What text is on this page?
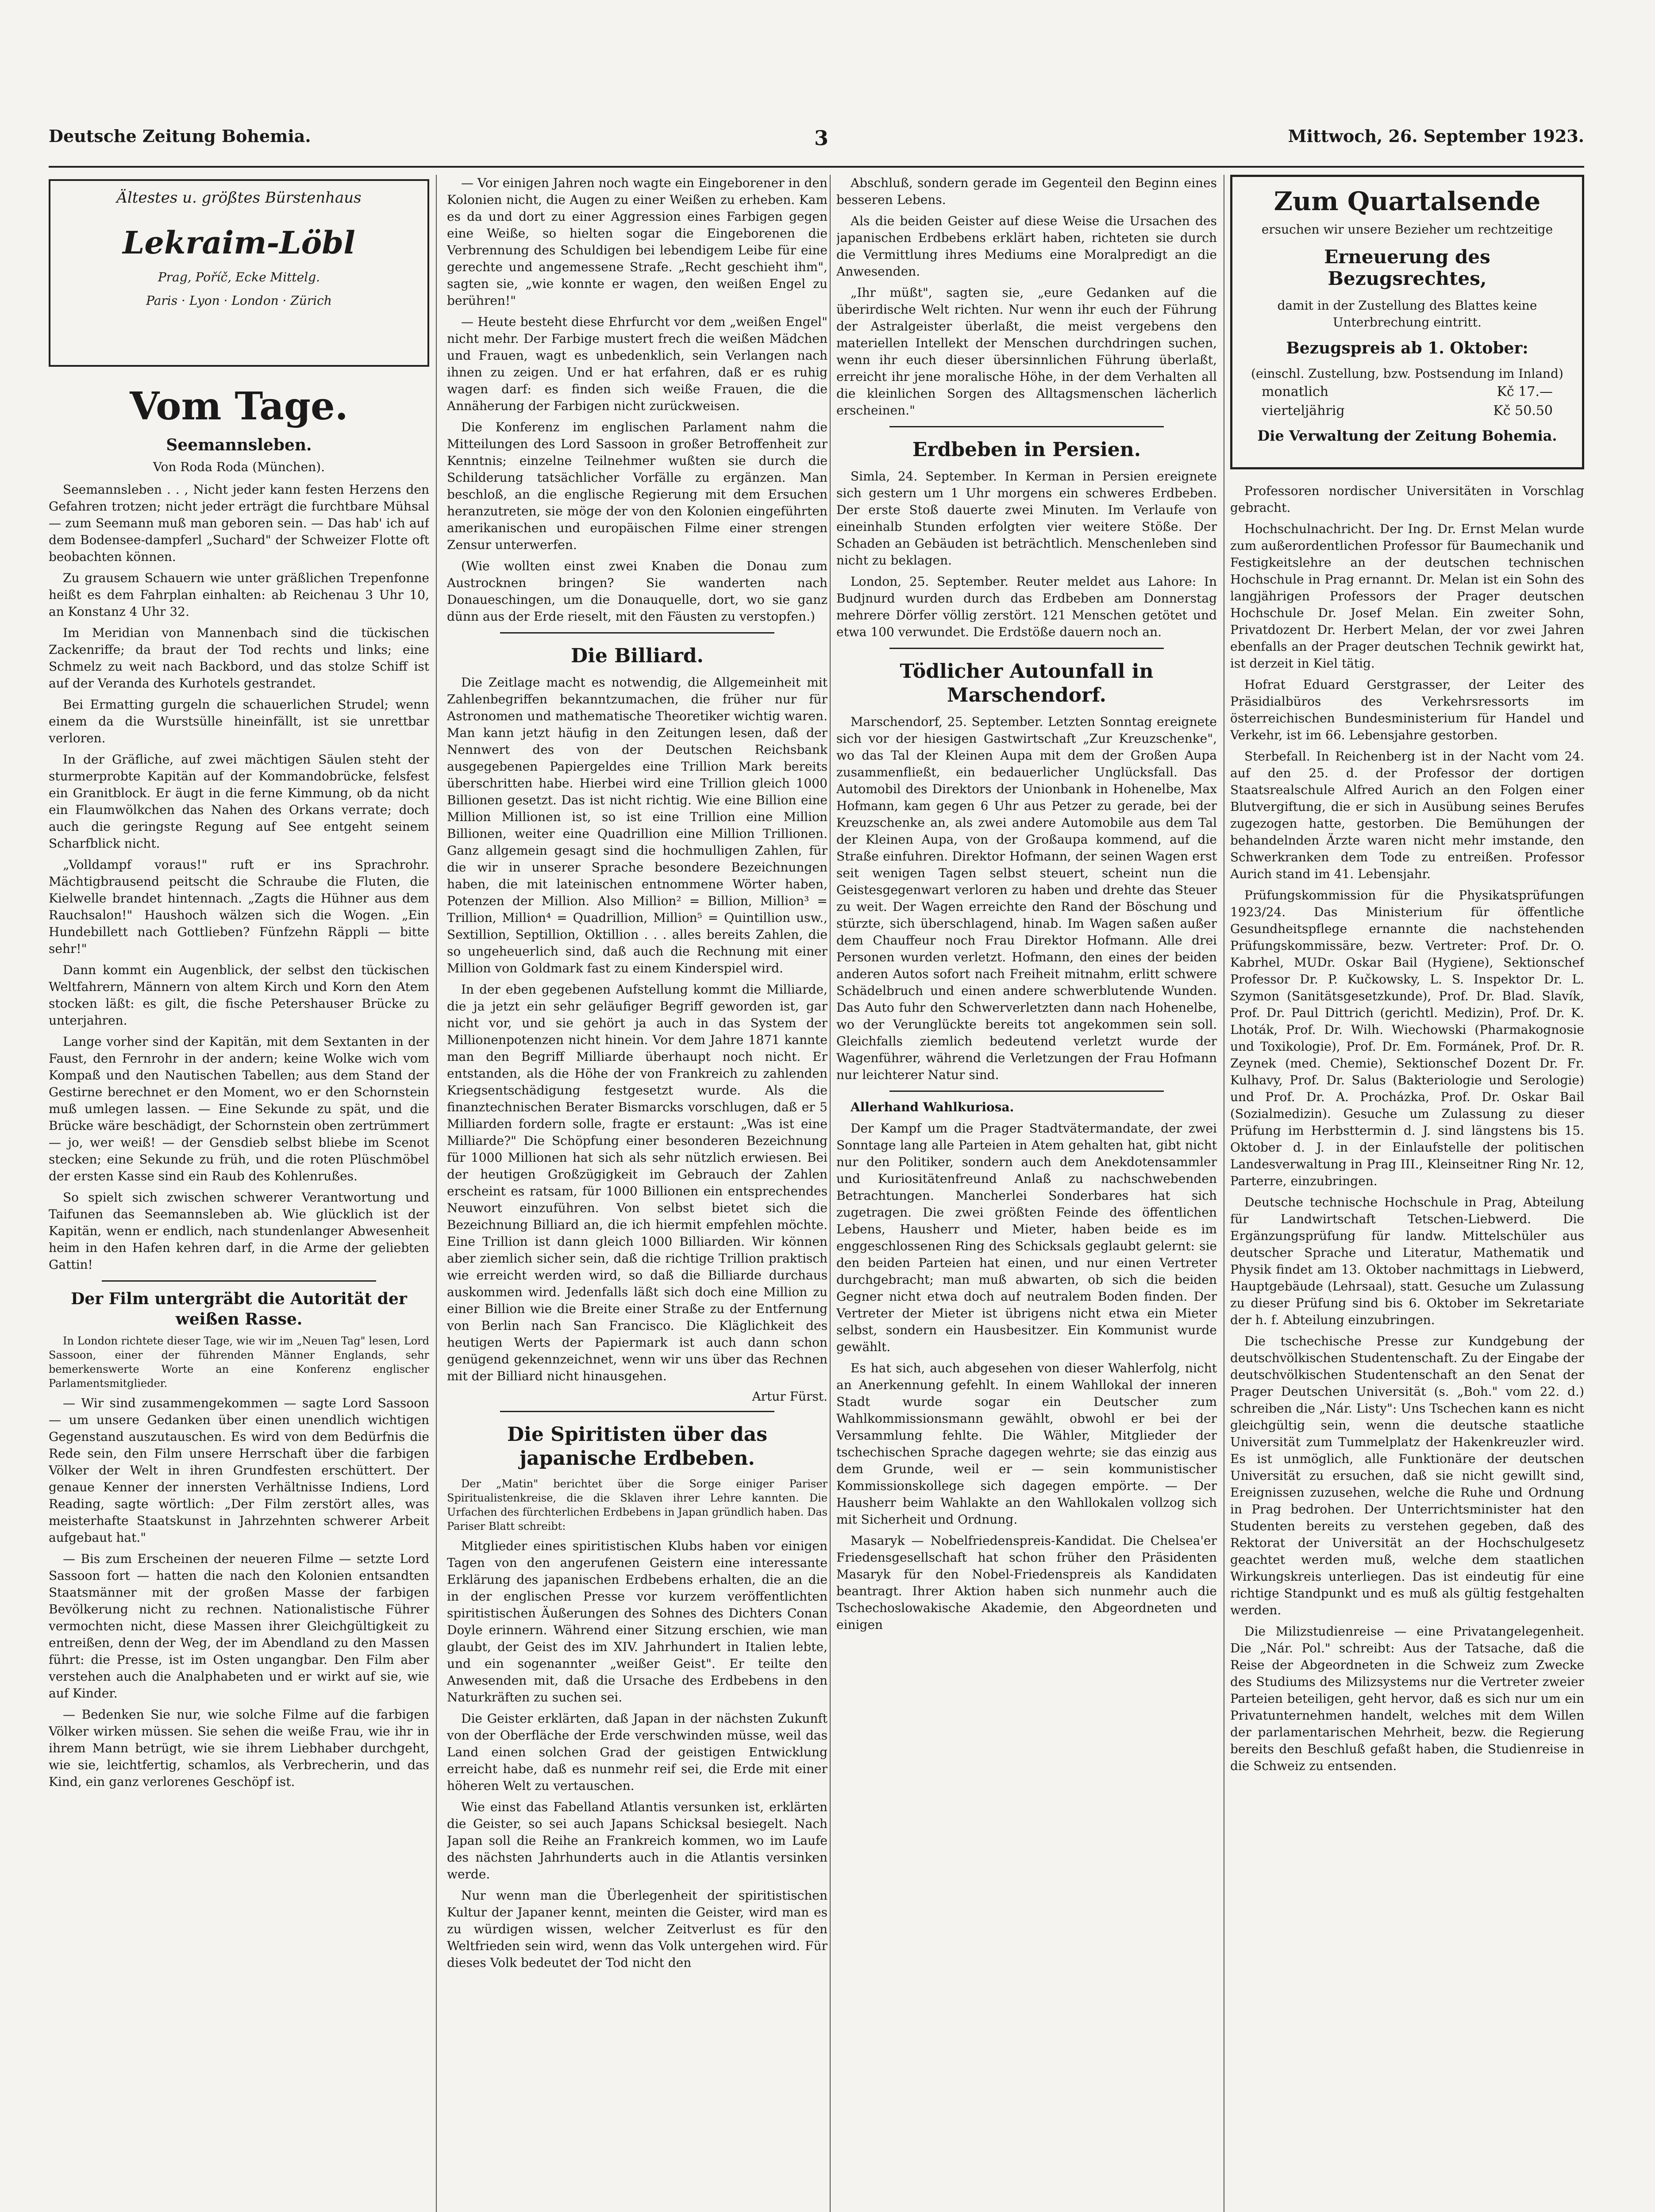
Deutsche Zeitung Bohemia.	3	Mittwoch, 26. September 1923.
Ältestes u. größtes Bürstenhaus
Lekraim-Löbl
Prag, Poříč, Ecke Mittelg.
Paris · Lyon · London · Zürich
Vom Tage.
Seemannsleben.

Von Roda Roda (München).

Seemannsleben . . , Nicht jeder kann festen Herzens den Gefahren trotzen; nicht jeder erträgt die furchtbare Mühsal — zum Seemann muß man geboren sein. — Das hab' ich auf dem Bodensee-dampferl „Suchard" der Schweizer Flotte oft beobachten können.

Zu grausem Schauern wie unter gräßlichen Trepenfonne heißt es dem Fahrplan einhalten: ab Reichenau 3 Uhr 10, an Konstanz 4 Uhr 32.

Im Meridian von Mannenbach sind die tückischen Zackenriffe; da braut der Tod rechts und links; eine Schmelz zu weit nach Backbord, und das stolze Schiff ist auf der Veranda des Kurhotels gestrandet.

Bei Ermatting gurgeln die schauerlichen Strudel; wenn einem da die Wurstsülle hineinfällt, ist sie unrettbar verloren.

In der Gräfliche, auf zwei mächtigen Säulen steht der sturmerprobte Kapitän auf der Kommandobrücke, felsfest ein Granitblock. Er äugt in die ferne Kimmung, ob da nicht ein Flaumwölkchen das Nahen des Orkans verrate; doch auch die geringste Regung auf See entgeht seinem Scharfblick nicht.

„Volldampf voraus!" ruft er ins Sprachrohr. Mächtigbrausend peitscht die Schraube die Fluten, die Kielwelle brandet hintennach. „Zagts die Hühner aus dem Rauchsalon!" Haushoch wälzen sich die Wogen. „Ein Hundebillett nach Gottlieben? Fünfzehn Räppli — bitte sehr!"

Dann kommt ein Augenblick, der selbst den tückischen Weltfahrern, Männern von altem Kirch und Korn den Atem stocken läßt: es gilt, die fische Petershauser Brücke zu unterjahren.

Lange vorher sind der Kapitän, mit dem Sextanten in der Faust, den Fernrohr in der andern; keine Wolke wich vom Kompaß und den Nautischen Tabellen; aus dem Stand der Gestirne berechnet er den Moment, wo er den Schornstein muß umlegen lassen. — Eine Sekunde zu spät, und die Brücke wäre beschädigt, der Schornstein oben zertrümmert — jo, wer weiß! — der Gensdieb selbst bliebe im Scenot stecken; eine Sekunde zu früh, und die roten Plüschmöbel der ersten Kasse sind ein Raub des Kohlenrußes.

So spielt sich zwischen schwerer Verantwortung und Taifunen das Seemannsleben ab. Wie glücklich ist der Kapitän, wenn er endlich, nach stundenlanger Abwesenheit heim in den Hafen kehren darf, in die Arme der geliebten Gattin!

Der Film untergräbt die Autorität der weißen Rasse.

In London richtete dieser Tage, wie wir im „Neuen Tag" lesen, Lord Sassoon, einer der führenden Männer Englands, sehr bemerkenswerte Worte an eine Konferenz englischer Parlamentsmitglieder.

— Wir sind zusammengekommen — sagte Lord Sassoon — um unsere Gedanken über einen unendlich wichtigen Gegenstand auszutauschen. Es wird von dem Bedürfnis die Rede sein, den Film unsere Herrschaft über die farbigen Völker der Welt in ihren Grundfesten erschüttert. Der genaue Kenner der innersten Verhältnisse Indiens, Lord Reading, sagte wörtlich: „Der Film zerstört alles, was meisterhafte Staatskunst in Jahrzehnten schwerer Arbeit aufgebaut hat."

— Bis zum Erscheinen der neueren Filme — setzte Lord Sassoon fort — hatten die nach den Kolonien entsandten Staatsmänner mit der großen Masse der farbigen Bevölkerung nicht zu rechnen. Nationalistische Führer vermochten nicht, diese Massen ihrer Gleichgültigkeit zu entreißen, denn der Weg, der im Abendland zu den Massen führt: die Presse, ist im Osten ungangbar. Den Film aber verstehen auch die Analphabeten und er wirkt auf sie, wie auf Kinder.

— Bedenken Sie nur, wie solche Filme auf die farbigen Völker wirken müssen. Sie sehen die weiße Frau, wie ihr in ihrem Mann betrügt, wie sie ihrem Liebhaber durchgeht, wie sie, leichtfertig, schamlos, als Verbrecherin, und das Kind, ein ganz verlorenes Geschöpf ist.

— Vor einigen Jahren noch wagte ein Eingeborener in den Kolonien nicht, die Augen zu einer Weißen zu erheben. Kam es da und dort zu einer Aggression eines Farbigen gegen eine Weiße, so hielten sogar die Eingeborenen die Verbrennung des Schuldigen bei lebendigem Leibe für eine gerechte und angemessene Strafe. „Recht geschieht ihm", sagten sie, „wie konnte er wagen, den weißen Engel zu berühren!"

— Heute besteht diese Ehrfurcht vor dem „weißen Engel" nicht mehr. Der Farbige mustert frech die weißen Mädchen und Frauen, wagt es unbedenklich, sein Verlangen nach ihnen zu zeigen. Und er hat erfahren, daß er es ruhig wagen darf: es finden sich weiße Frauen, die die Annäherung der Farbigen nicht zurückweisen.

Die Konferenz im englischen Parlament nahm die Mitteilungen des Lord Sassoon in großer Betroffenheit zur Kenntnis; einzelne Teilnehmer wußten sie durch die Schilderung tatsächlicher Vorfälle zu ergänzen. Man beschloß, an die englische Regierung mit dem Ersuchen heranzutreten, sie möge der von den Kolonien eingeführten amerikanischen und europäischen Filme einer strengen Zensur unterwerfen.

(Wie wollten einst zwei Knaben die Donau zum Austrocknen bringen? Sie wanderten nach Donaueschingen, um die Donauquelle, dort, wo sie ganz dünn aus der Erde rieselt, mit den Fäusten zu verstopfen.)

Die Billiard.

Die Zeitlage macht es notwendig, die Allgemeinheit mit Zahlenbegriffen bekanntzumachen, die früher nur für Astronomen und mathematische Theoretiker wichtig waren. Man kann jetzt häufig in den Zeitungen lesen, daß der Nennwert des von der Deutschen Reichsbank ausgegebenen Papiergeldes eine Trillion Mark bereits überschritten habe. Hierbei wird eine Trillion gleich 1000 Billionen gesetzt. Das ist nicht richtig. Wie eine Billion eine Million Millionen ist, so ist eine Trillion eine Million Billionen, weiter eine Quadrillion eine Million Trillionen. Ganz allgemein gesagt sind die hochmulligen Zahlen, für die wir in unserer Sprache besondere Bezeichnungen haben, die mit lateinischen entnommene Wörter haben, Potenzen der Million. Also Million² = Billion, Million³ = Trillion, Million⁴ = Quadrillion, Million⁵ = Quintillion usw., Sextillion, Septillion, Oktillion . . . alles bereits Zahlen, die so ungeheuerlich sind, daß auch die Rechnung mit einer Million von Goldmark fast zu einem Kinderspiel wird.

In der eben gegebenen Aufstellung kommt die Milliarde, die ja jetzt ein sehr geläufiger Begriff geworden ist, gar nicht vor, und sie gehört ja auch in das System der Millionenpotenzen nicht hinein. Vor dem Jahre 1871 kannte man den Begriff Milliarde überhaupt noch nicht. Er entstanden, als die Höhe der von Frankreich zu zahlenden Kriegsentschädigung festgesetzt wurde. Als die finanztechnischen Berater Bismarcks vorschlugen, daß er 5 Milliarden fordern solle, fragte er erstaunt: „Was ist eine Milliarde?" Die Schöpfung einer besonderen Bezeichnung für 1000 Millionen hat sich als sehr nützlich erwiesen. Bei der heutigen Großzügigkeit im Gebrauch der Zahlen erscheint es ratsam, für 1000 Billionen ein entsprechendes Neuwort einzuführen. Von selbst bietet sich die Bezeichnung Billiard an, die ich hiermit empfehlen möchte. Eine Trillion ist dann gleich 1000 Billiarden. Wir können aber ziemlich sicher sein, daß die richtige Trillion praktisch wie erreicht werden wird, so daß die Billiarde durchaus auskommen wird. Jedenfalls läßt sich doch eine Million zu einer Billion wie die Breite einer Straße zu der Entfernung von Berlin nach San Francisco. Die Kläglichkeit des heutigen Werts der Papiermark ist auch dann schon genügend gekennzeichnet, wenn wir uns über das Rechnen mit der Billiard nicht hinausgehen.

Artur Fürst.

Die Spiritisten über das japanische Erdbeben.

Der „Matin" berichtet über die Sorge einiger Pariser Spiritualistenkreise, die die Sklaven ihrer Lehre kannten. Die Urfachen des fürchterlichen Erdbebens in Japan gründlich haben. Das Pariser Blatt schreibt:

Mitglieder eines spiritistischen Klubs haben vor einigen Tagen von den angerufenen Geistern eine interessante Erklärung des japanischen Erdbebens erhalten, die an die in der englischen Presse vor kurzem veröffentlichten spiritistischen Äußerungen des Sohnes des Dichters Conan Doyle erinnern. Während einer Sitzung erschien, wie man glaubt, der Geist des im XIV. Jahrhundert in Italien lebte, und ein sogenannter „weißer Geist". Er teilte den Anwesenden mit, daß die Ursache des Erdbebens in den Naturkräften zu suchen sei.

Die Geister erklärten, daß Japan in der nächsten Zukunft von der Oberfläche der Erde verschwinden müsse, weil das Land einen solchen Grad der geistigen Entwicklung erreicht habe, daß es nunmehr reif sei, die Erde mit einer höheren Welt zu vertauschen.

Wie einst das Fabelland Atlantis versunken ist, erklärten die Geister, so sei auch Japans Schicksal besiegelt. Nach Japan soll die Reihe an Frankreich kommen, wo im Laufe des nächsten Jahrhunderts auch in die Atlantis versinken werde.

Nur wenn man die Überlegenheit der spiritistischen Kultur der Japaner kennt, meinten die Geister, wird man es zu würdigen wissen, welcher Zeitverlust es für den Weltfrieden sein wird, wenn das Volk untergehen wird. Für dieses Volk bedeutet der Tod nicht den

Abschluß, sondern gerade im Gegenteil den Beginn eines besseren Lebens.

Als die beiden Geister auf diese Weise die Ursachen des japanischen Erdbebens erklärt haben, richteten sie durch die Vermittlung ihres Mediums eine Moralpredigt an die Anwesenden.

„Ihr müßt", sagten sie, „eure Gedanken auf die überirdische Welt richten. Nur wenn ihr euch der Führung der Astralgeister überlaßt, die meist vergebens den materiellen Intellekt der Menschen durchdringen suchen, wenn ihr euch dieser übersinnlichen Führung überlaßt, erreicht ihr jene moralische Höhe, in der dem Verhalten all die kleinlichen Sorgen des Alltagsmenschen lächerlich erscheinen."

Erdbeben in Persien.

Simla, 24. September. In Kerman in Persien ereignete sich gestern um 1 Uhr morgens ein schweres Erdbeben. Der erste Stoß dauerte zwei Minuten. Im Verlaufe von eineinhalb Stunden erfolgten vier weitere Stöße. Der Schaden an Gebäuden ist beträchtlich. Menschenleben sind nicht zu beklagen.

London, 25. September. Reuter meldet aus Lahore: In Budjnurd wurden durch das Erdbeben am Donnerstag mehrere Dörfer völlig zerstört. 121 Menschen getötet und etwa 100 verwundet. Die Erdstöße dauern noch an.

Tödlicher Autounfall in Marschendorf.

Marschendorf, 25. September. Letzten Sonntag ereignete sich vor der hiesigen Gastwirtschaft „Zur Kreuzschenke", wo das Tal der Kleinen Aupa mit dem der Großen Aupa zusammenfließt, ein bedauerlicher Unglücksfall. Das Automobil des Direktors der Unionbank in Hohenelbe, Max Hofmann, kam gegen 6 Uhr aus Petzer zu gerade, bei der Kreuzschenke an, als zwei andere Automobile aus dem Tal der Kleinen Aupa, von der Großaupa kommend, auf die Straße einfuhren. Direktor Hofmann, der seinen Wagen erst seit wenigen Tagen selbst steuert, scheint nun die Geistesgegenwart verloren zu haben und drehte das Steuer zu weit. Der Wagen erreichte den Rand der Böschung und stürzte, sich überschlagend, hinab. Im Wagen saßen außer dem Chauffeur noch Frau Direktor Hofmann. Alle drei Personen wurden verletzt. Hofmann, den eines der beiden anderen Autos sofort nach Freiheit mitnahm, erlitt schwere Schädelbruch und einen andere schwerblutende Wunden. Das Auto fuhr den Schwerverletzten dann nach Hohenelbe, wo der Verunglückte bereits tot angekommen sein soll. Gleichfalls ziemlich bedeutend verletzt wurde der Wagenführer, während die Verletzungen der Frau Hofmann nur leichterer Natur sind.

Allerhand Wahlkuriosa.

Der Kampf um die Prager Stadtvätermandate, der zwei Sonntage lang alle Parteien in Atem gehalten hat, gibt nicht nur den Politiker, sondern auch dem Anekdotensammler und Kuriositätenfreund Anlaß zu nachschwebenden Betrachtungen. Mancherlei Sonderbares hat sich zugetragen. Die zwei größten Feinde des öffentlichen Lebens, Hausherr und Mieter, haben beide es im enggeschlossenen Ring des Schicksals geglaubt gelernt: sie den beiden Parteien hat einen, und nur einen Vertreter durchgebracht; man muß abwarten, ob sich die beiden Gegner nicht etwa doch auf neutralem Boden finden. Der Vertreter der Mieter ist übrigens nicht etwa ein Mieter selbst, sondern ein Hausbesitzer. Ein Kommunist wurde gewählt.

Es hat sich, auch abgesehen von dieser Wahlerfolg, nicht an Anerkennung gefehlt. In einem Wahllokal der inneren Stadt wurde sogar ein Deutscher zum Wahlkommissionsmann gewählt, obwohl er bei der Versammlung fehlte. Die Wähler, Mitglieder der tschechischen Sprache dagegen wehrte; sie das einzig aus dem Grunde, weil er — sein kommunistischer Kommissionskollege sich dagegen empörte. — Der Hausherr beim Wahlakte an den Wahllokalen vollzog sich mit Sicherheit und Ordnung.

Masaryk — Nobelfriedenspreis-Kandidat. Die Chelsea'er Friedensgesellschaft hat schon früher den Präsidenten Masaryk für den Nobel-Friedenspreis als Kandidaten beantragt. Ihrer Aktion haben sich nunmehr auch die Tschechoslowakische Akademie, den Abgeordneten und einigen

Zum Quartalsende

ersuchen wir unsere Bezieher um rechtzeitige

Erneuerung des Bezugsrechtes,

damit in der Zustellung des Blattes keine Unterbrechung eintritt.

Bezugspreis ab 1. Oktober:

(einschl. Zustellung, bzw. Postsendung im Inland)

monatlich	Kč 17.—
vierteljährig	Kč 50.50

Die Verwaltung der Zeitung Bohemia.

Professoren nordischer Universitäten in Vorschlag gebracht.

Hochschulnachricht. Der Ing. Dr. Ernst Melan wurde zum außerordentlichen Professor für Baumechanik und Festigkeitslehre an der deutschen technischen Hochschule in Prag ernannt. Dr. Melan ist ein Sohn des langjährigen Professors der Prager deutschen Hochschule Dr. Josef Melan. Ein zweiter Sohn, Privatdozent Dr. Herbert Melan, der vor zwei Jahren ebenfalls an der Prager deutschen Technik gewirkt hat, ist derzeit in Kiel tätig.

Hofrat Eduard Gerstgrasser, der Leiter des Präsidialbüros des Verkehrsressorts im österreichischen Bundesministerium für Handel und Verkehr, ist im 66. Lebensjahre gestorben.

Sterbefall. In Reichenberg ist in der Nacht vom 24. auf den 25. d. der Professor der dortigen Staatsrealschule Alfred Aurich an den Folgen einer Blutvergiftung, die er sich in Ausübung seines Berufes zugezogen hatte, gestorben. Die Bemühungen der behandelnden Ärzte waren nicht mehr imstande, den Schwerkranken dem Tode zu entreißen. Professor Aurich stand im 41. Lebensjahr.

Prüfungskommission für die Physikatsprüfungen 1923/24. Das Ministerium für öffentliche Gesundheitspflege ernannte die nachstehenden Prüfungskommissäre, bezw. Vertreter: Prof. Dr. O. Kabrhel, MUDr. Oskar Bail (Hygiene), Sektionschef Professor Dr. P. Kučkowsky, L. S. Inspektor Dr. L. Szymon (Sanitätsgesetzkunde), Prof. Dr. Blad. Slavík, Prof. Dr. Paul Dittrich (gerichtl. Medizin), Prof. Dr. K. Lhoták, Prof. Dr. Wilh. Wiechowski (Pharmakognosie und Toxikologie), Prof. Dr. Em. Formánek, Prof. Dr. R. Zeynek (med. Chemie), Sektionschef Dozent Dr. Fr. Kulhavy, Prof. Dr. Salus (Bakteriologie und Serologie) und Prof. Dr. A. Procházka, Prof. Dr. Oskar Bail (Sozialmedizin). Gesuche um Zulassung zu dieser Prüfung im Herbsttermin d. J. sind längstens bis 15. Oktober d. J. in der Einlaufstelle der politischen Landesverwaltung in Prag III., Kleinseitner Ring Nr. 12, Parterre, einzubringen.

Deutsche technische Hochschule in Prag, Abteilung für Landwirtschaft Tetschen-Liebwerd. Die Ergänzungsprüfung für landw. Mittelschüler aus deutscher Sprache und Literatur, Mathematik und Physik findet am 13. Oktober nachmittags in Liebwerd, Hauptgebäude (Lehrsaal), statt. Gesuche um Zulassung zu dieser Prüfung sind bis 6. Oktober im Sekretariate der h. f. Abteilung einzubringen.

Die tschechische Presse zur Kundgebung der deutschvölkischen Studentenschaft. Zu der Eingabe der deutschvölkischen Studentenschaft an den Senat der Prager Deutschen Universität (s. „Boh." vom 22. d.) schreiben die „Nár. Listy": Uns Tschechen kann es nicht gleichgültig sein, wenn die deutsche staatliche Universität zum Tummelplatz der Hakenkreuzler wird. Es ist unmöglich, alle Funktionäre der deutschen Universität zu ersuchen, daß sie nicht gewillt sind, Ereignissen zuzusehen, welche die Ruhe und Ordnung in Prag bedrohen. Der Unterrichtsminister hat den Studenten bereits zu verstehen gegeben, daß des Rektorat der Universität an der Hochschulgesetz geachtet werden muß, welche dem staatlichen Wirkungskreis unterliegen. Das ist eindeutig für eine richtige Standpunkt und es muß als gültig festgehalten werden.

Die Milizstudienreise — eine Privatangelegenheit. Die „Nár. Pol." schreibt: Aus der Tatsache, daß die Reise der Abgeordneten in die Schweiz zum Zwecke des Studiums des Milizsystems nur die Vertreter zweier Parteien beteiligen, geht hervor, daß es sich nur um ein Privatunternehmen handelt, welches mit dem Willen der parlamentarischen Mehrheit, bezw. die Regierung bereits den Beschluß gefaßt haben, die Studienreise in die Schweiz zu entsenden.
